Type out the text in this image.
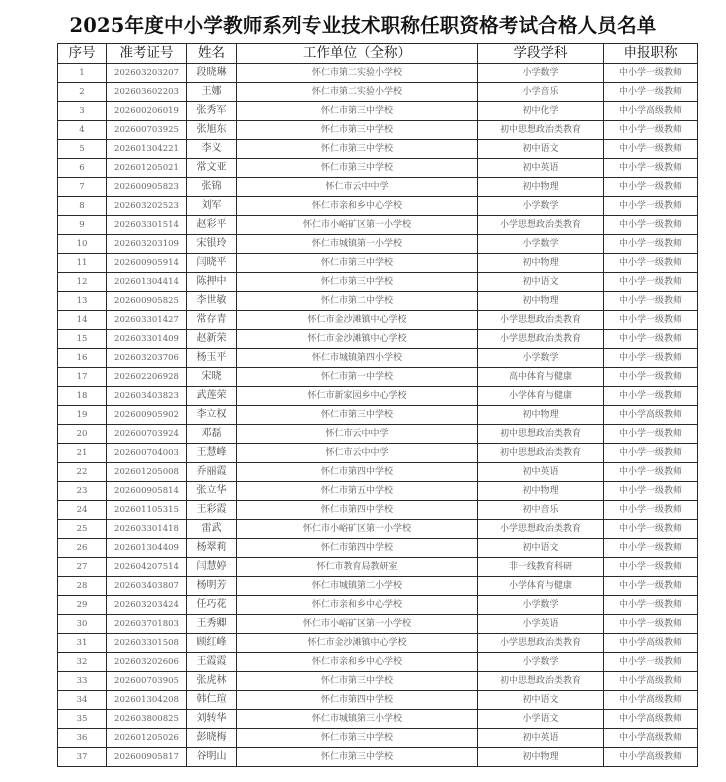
2025年度中小学教师系列专业技术职称任职资格考试合格人员名单
序号	准考证号	姓名	工作单位（全称）	学段学科	申报职称
1	202603203207	段晓琳	怀仁市第二实验小学校	小学数学	中小学一级教师
2	202603602203	王娜	怀仁市第二实验小学校	小学音乐	中小学一级教师
3	202600206019	张秀军	怀仁市第三中学校	初中化学	中小学高级教师
4	202600703925	张旭东	怀仁市第三中学校	初中思想政治类教育	中小学一级教师
5	202601304221	李义	怀仁市第三中学校	初中语文	中小学一级教师
6	202601205021	常文亚	怀仁市第三中学校	初中英语	中小学一级教师
7	202600905823	张锦	怀仁市云中中学	初中物理	中小学一级教师
8	202603202523	刘军	怀仁市亲和乡中心学校	小学数学	中小学一级教师
9	202603301514	赵彩平	怀仁市小峪矿区第一小学校	小学思想政治类教育	中小学一级教师
10	202603203109	宋银玲	怀仁市城镇第一小学校	小学数学	中小学一级教师
11	202600905914	闫晓平	怀仁市第三中学校	初中物理	中小学一级教师
12	202601304414	陈押中	怀仁市第三中学校	初中语文	中小学一级教师
13	202600905825	李世敏	怀仁市第二中学校	初中物理	中小学一级教师
14	202603301427	常存青	怀仁市金沙滩镇中心学校	小学思想政治类教育	中小学一级教师
15	202603301409	赵新荣	怀仁市金沙滩镇中心学校	小学思想政治类教育	中小学一级教师
16	202603203706	杨玉平	怀仁市城镇第四小学校	小学数学	中小学一级教师
17	202602206928	宋晓	怀仁市第一中学校	高中体育与健康	中小学一级教师
18	202603403823	武莲荣	怀仁市新家园乡中心学校	小学体育与健康	中小学一级教师
19	202600905902	李立权	怀仁市第三中学校	初中物理	中小学高级教师
20	202600703924	邓磊	怀仁市云中中学	初中思想政治类教育	中小学一级教师
21	202600704003	王慧峰	怀仁市云中中学	初中思想政治类教育	中小学一级教师
22	202601205008	乔丽霞	怀仁市第四中学校	初中英语	中小学一级教师
23	202600905814	张立华	怀仁市第五中学校	初中物理	中小学一级教师
24	202601105315	王彩霞	怀仁市第四中学校	初中音乐	中小学一级教师
25	202603301418	雷武	怀仁市小峪矿区第一小学校	小学思想政治类教育	中小学一级教师
26	202601304409	杨翠莉	怀仁市第四中学校	初中语文	中小学一级教师
27	202604207514	闫慧婷	怀仁市教育局教研室	非一线教育科研	中小学一级教师
28	202603403807	杨明芳	怀仁市城镇第二小学校	小学体育与健康	中小学一级教师
29	202603203424	任巧花	怀仁市亲和乡中心学校	小学数学	中小学一级教师
30	202603701803	王秀卿	怀仁市小峪矿区第一小学校	小学英语	中小学一级教师
31	202603301508	顾红峰	怀仁市金沙滩镇中心学校	小学思想政治类教育	中小学高级教师
32	202603202606	王霞霞	怀仁市亲和乡中心学校	小学数学	中小学一级教师
33	202600703905	张虎林	怀仁市第三中学校	初中思想政治类教育	中小学高级教师
34	202601304208	韩仁瑄	怀仁市第四中学校	初中语文	中小学高级教师
35	202603800825	刘转华	怀仁市城镇第三小学校	小学语文	中小学高级教师
36	202601205026	彭晓梅	怀仁市第三中学校	初中英语	中小学高级教师
37	202600905817	谷明山	怀仁市第三中学校	初中物理	中小学高级教师
